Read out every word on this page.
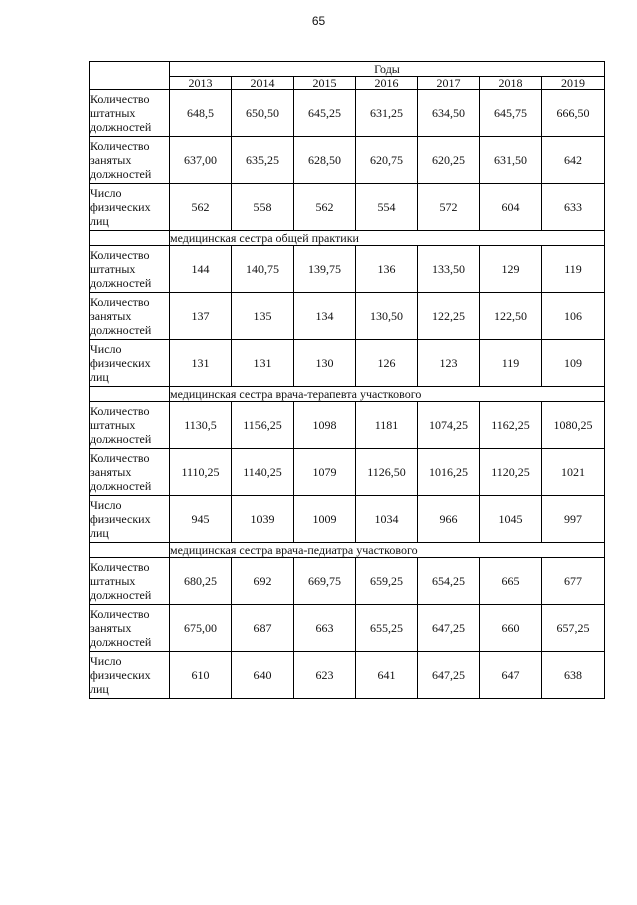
65
	Годы						
	2013	2014	2015	2016	2017	2018	2019

Количество
штатных
должностей	648,5	650,50	645,25	631,25	634,50	645,75	666,50

Количество
занятых
должностей	637,00	635,25	628,50	620,75	620,25	631,50	642

Число
физических
лиц	562	558	562	554	572	604	633
	медицинская сестра общей практики						

Количество
штатных
должностей	144	140,75	139,75	136	133,50	129	119

Количество
занятых
должностей	137	135	134	130,50	122,25	122,50	106

Число
физических
лиц	131	131	130	126	123	119	109
	медицинская сестра врача-терапевта участкового						

Количество
штатных
должностей	1130,5	1156,25	1098	1181	1074,25	1162,25	1080,25

Количество
занятых
должностей	1110,25	1140,25	1079	1126,50	1016,25	1120,25	1021

Число
физических
лиц	945	1039	1009	1034	966	1045	997
	медицинская сестра врача-педиатра участкового						

Количество
штатных
должностей	680,25	692	669,75	659,25	654,25	665	677

Количество
занятых
должностей	675,00	687	663	655,25	647,25	660	657,25

Число
физических
лиц	610	640	623	641	647,25	647	638
